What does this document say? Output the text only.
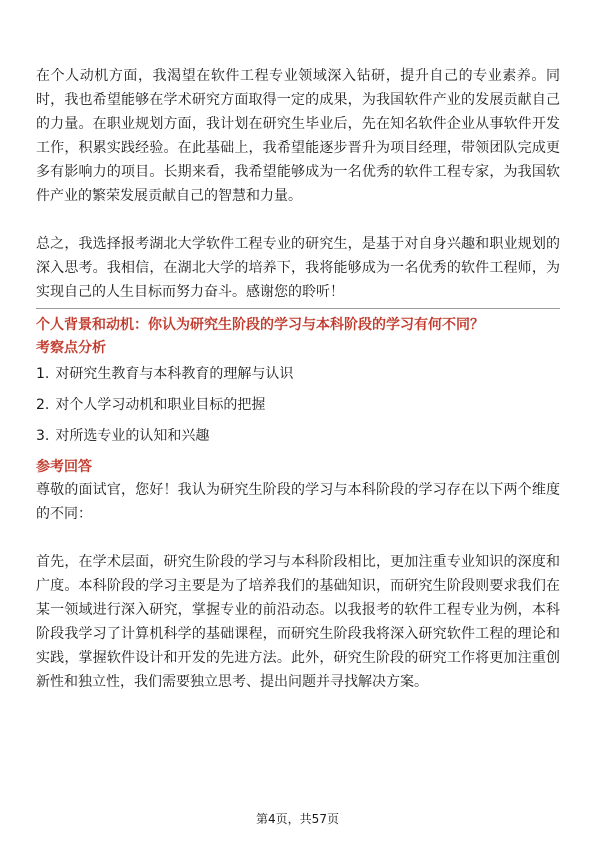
在个人动机方面，我渴望在软件工程专业领域深入钻研，提升自己的专业素养。同时，我也希望能够在学术研究方面取得一定的成果，为我国软件产业的发展贡献自己的力量。在职业规划方面，我计划在研究生毕业后，先在知名软件企业从事软件开发工作，积累实践经验。在此基础上，我希望能逐步晋升为项目经理，带领团队完成更多有影响力的项目。长期来看，我希望能够成为一名优秀的软件工程专家，为我国软件产业的繁荣发展贡献自己的智慧和力量。

总之，我选择报考湖北大学软件工程专业的研究生，是基于对自身兴趣和职业规划的深入思考。我相信，在湖北大学的培养下，我将能够成为一名优秀的软件工程师，为实现自己的人生目标而努力奋斗。感谢您的聆听！

个人背景和动机：你认为研究生阶段的学习与本科阶段的学习有何不同？

考察点分析

1. 对研究生教育与本科教育的理解与认识
2. 对个人学习动机和职业目标的把握
3. 对所选专业的认知和兴趣

参考回答

尊敬的面试官，您好！我认为研究生阶段的学习与本科阶段的学习存在以下两个维度的不同：

首先，在学术层面，研究生阶段的学习与本科阶段相比，更加注重专业知识的深度和广度。本科阶段的学习主要是为了培养我们的基础知识，而研究生阶段则要求我们在某一领域进行深入研究，掌握专业的前沿动态。以我报考的软件工程专业为例，本科阶段我学习了计算机科学的基础课程，而研究生阶段我将深入研究软件工程的理论和实践，掌握软件设计和开发的先进方法。此外，研究生阶段的研究工作将更加注重创新性和独立性，我们需要独立思考、提出问题并寻找解决方案。

第4页，共57页
